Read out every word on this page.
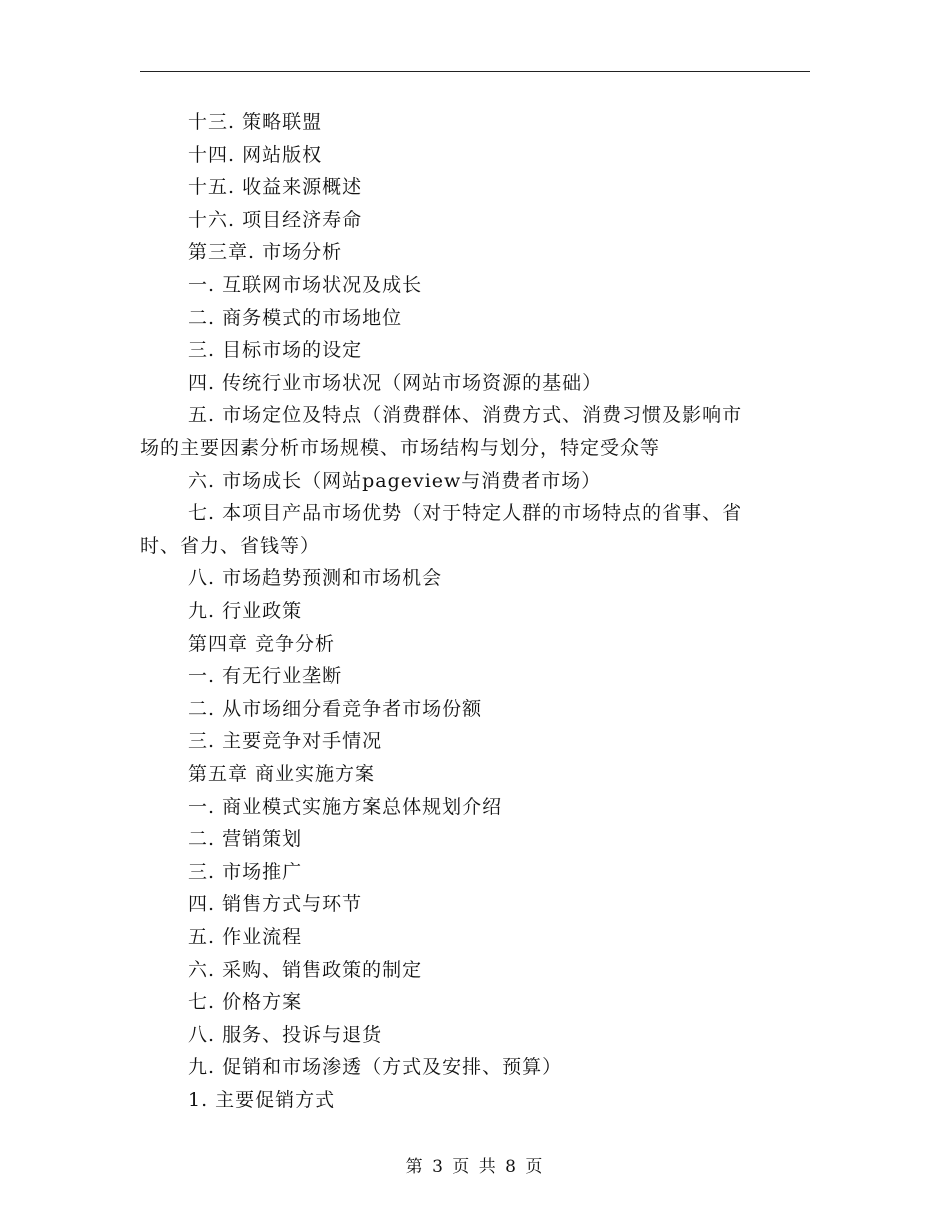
十三. 策略联盟
十四. 网站版权
十五. 收益来源概述
十六. 项目经济寿命
第三章. 市场分析
一. 互联网市场状况及成长
二. 商务模式的市场地位
三. 目标市场的设定
四. 传统行业市场状况（网站市场资源的基础）
五. 市场定位及特点（消费群体、消费方式、消费习惯及影响市
场的主要因素分析市场规模、市场结构与划分，特定受众等
六. 市场成长（网站pageview与消费者市场）
七. 本项目产品市场优势（对于特定人群的市场特点的省事、省
时、省力、省钱等）
八. 市场趋势预测和市场机会
九. 行业政策
第四章 竞争分析
一. 有无行业垄断
二. 从市场细分看竞争者市场份额
三. 主要竞争对手情况
第五章 商业实施方案
一. 商业模式实施方案总体规划介绍
二. 营销策划
三. 市场推广
四. 销售方式与环节
五. 作业流程
六. 采购、销售政策的制定
七. 价格方案
八. 服务、投诉与退货
九. 促销和市场渗透（方式及安排、预算）
1. 主要促销方式
第 3 页 共 8 页
